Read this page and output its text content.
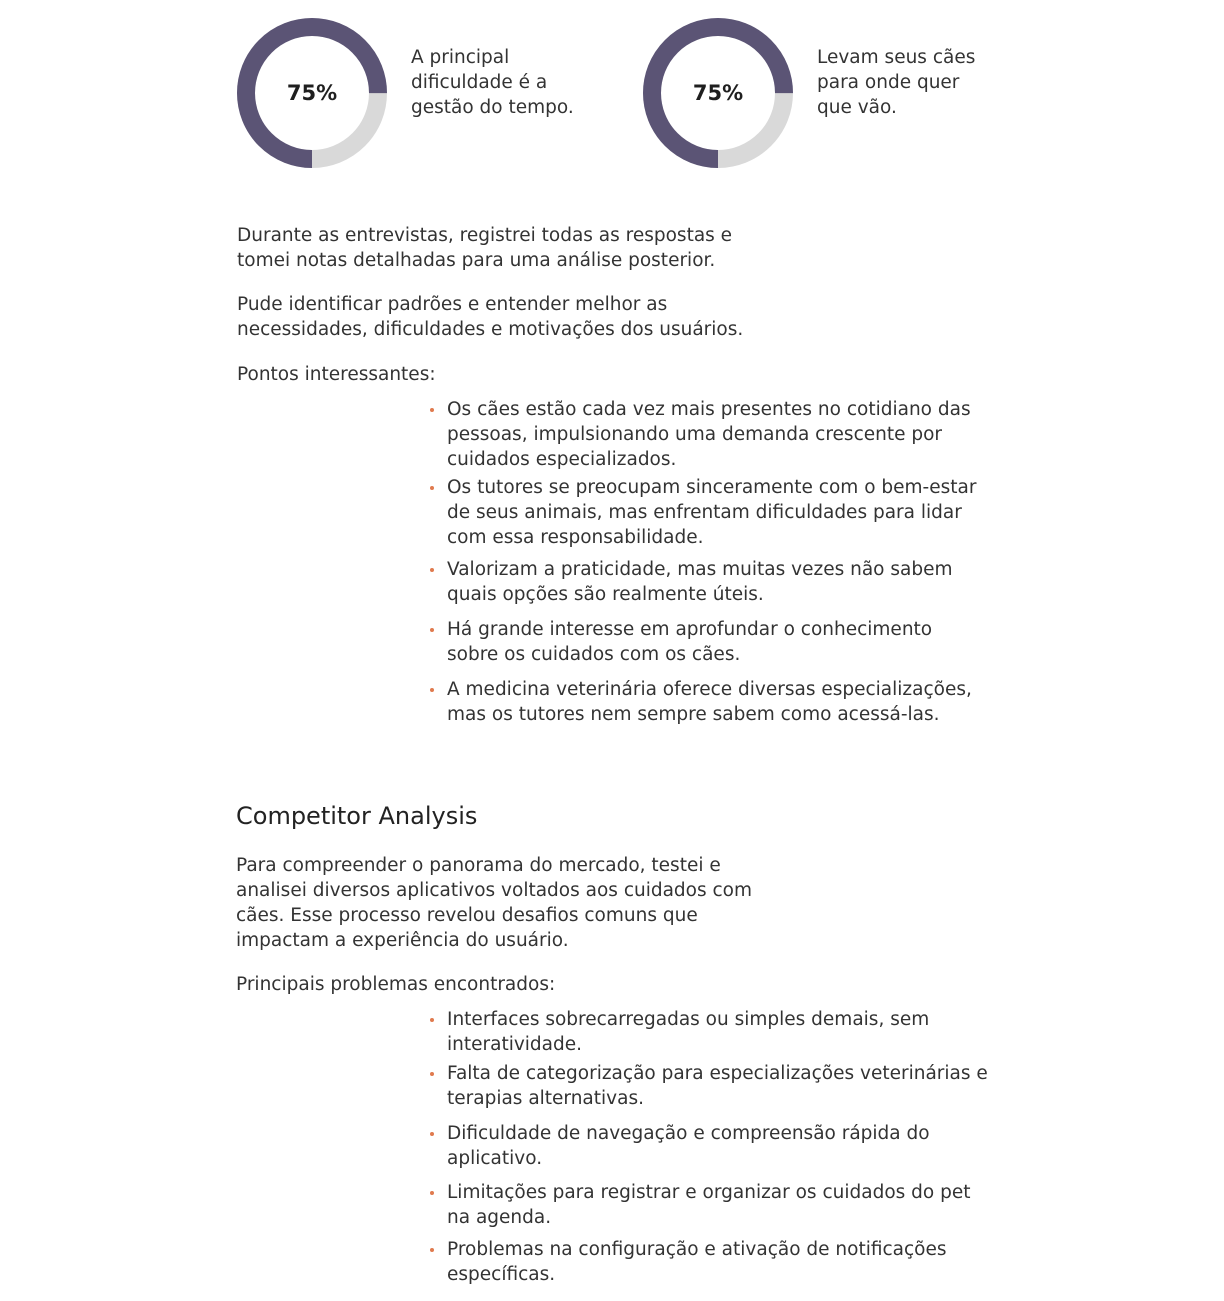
75%
A principal dificuldade é a gestão do tempo.
75%
Levam seus cães para onde quer que vão.

Durante as entrevistas, registrei todas as respostas e tomei notas detalhadas para uma análise posterior.

Pude identificar padrões e entender melhor as necessidades, dificuldades e motivações dos usuários.

Pontos interessantes:

Os cães estão cada vez mais presentes no cotidiano das pessoas, impulsionando uma demanda crescente por cuidados especializados.
Os tutores se preocupam sinceramente com o bem-estar de seus animais, mas enfrentam dificuldades para lidar com essa responsabilidade.
Valorizam a praticidade, mas muitas vezes não sabem quais opções são realmente úteis.
Há grande interesse em aprofundar o conhecimento sobre os cuidados com os cães.
A medicina veterinária oferece diversas especializações, mas os tutores nem sempre sabem como acessá-las.
Competitor Analysis

Para compreender o panorama do mercado, testei e analisei diversos aplicativos voltados aos cuidados com cães. Esse processo revelou desafios comuns que impactam a experiência do usuário.

Principais problemas encontrados:

Interfaces sobrecarregadas ou simples demais, sem interatividade.
Falta de categorização para especializações veterinárias e terapias alternativas.
Dificuldade de navegação e compreensão rápida do aplicativo.
Limitações para registrar e organizar os cuidados do pet na agenda.
Problemas na configuração e ativação de notificações específicas.
